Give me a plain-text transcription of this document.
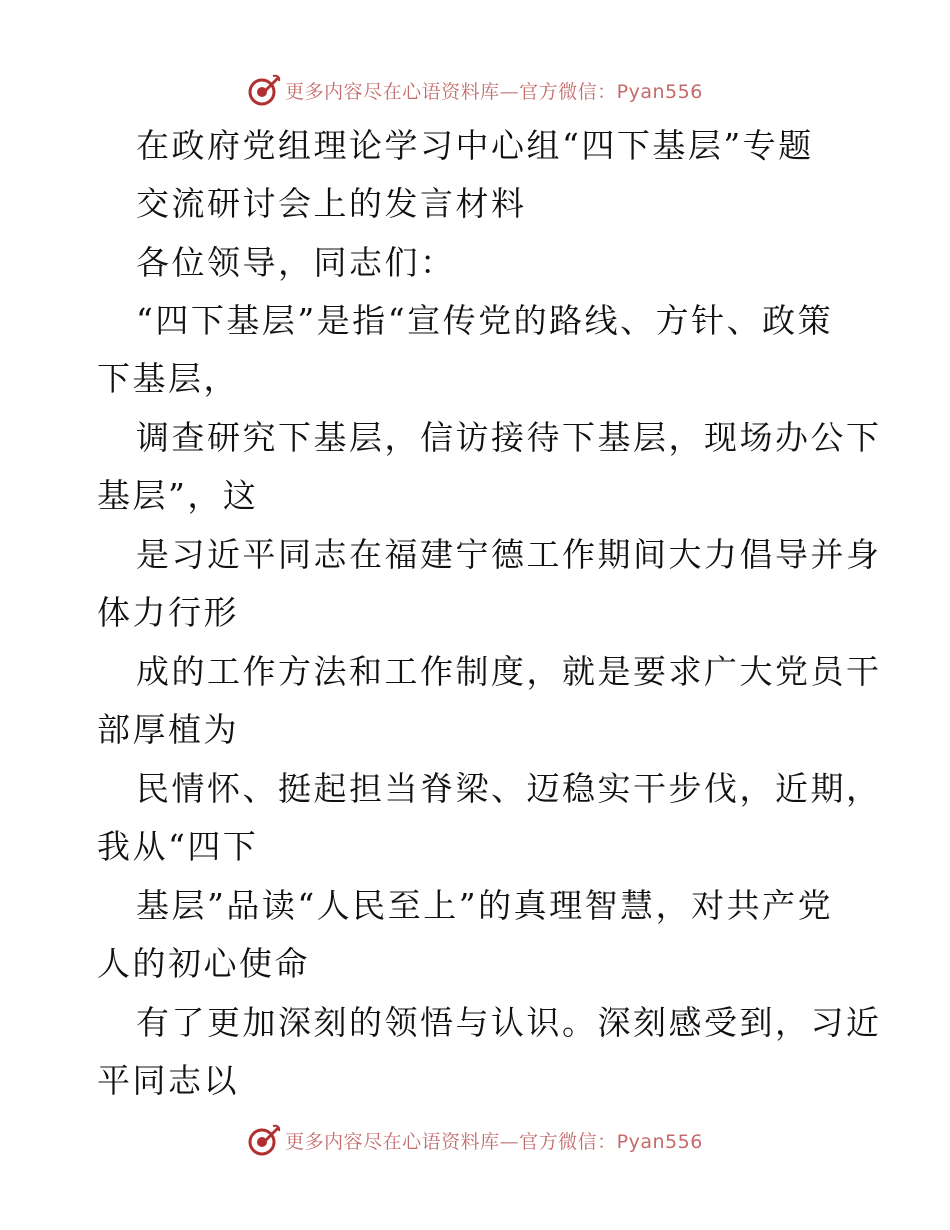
更多内容尽在心语资料库—官方微信：Pyan556
在政府党组理论学习中心组“四下基层”专题
交流研讨会上的发言材料
各位领导，同志们：
“四下基层”是指“宣传党的路线、方针、政策
下基层，
调查研究下基层，信访接待下基层，现场办公下
基层”，这
是习近平同志在福建宁德工作期间大力倡导并身
体力行形
成的工作方法和工作制度，就是要求广大党员干
部厚植为
民情怀、挺起担当脊梁、迈稳实干步伐，近期，
我从“四下
基层”品读“人民至上”的真理智慧，对共产党
人的初心使命
有了更加深刻的领悟与认识。深刻感受到，习近
平同志以
更多内容尽在心语资料库—官方微信：Pyan556
